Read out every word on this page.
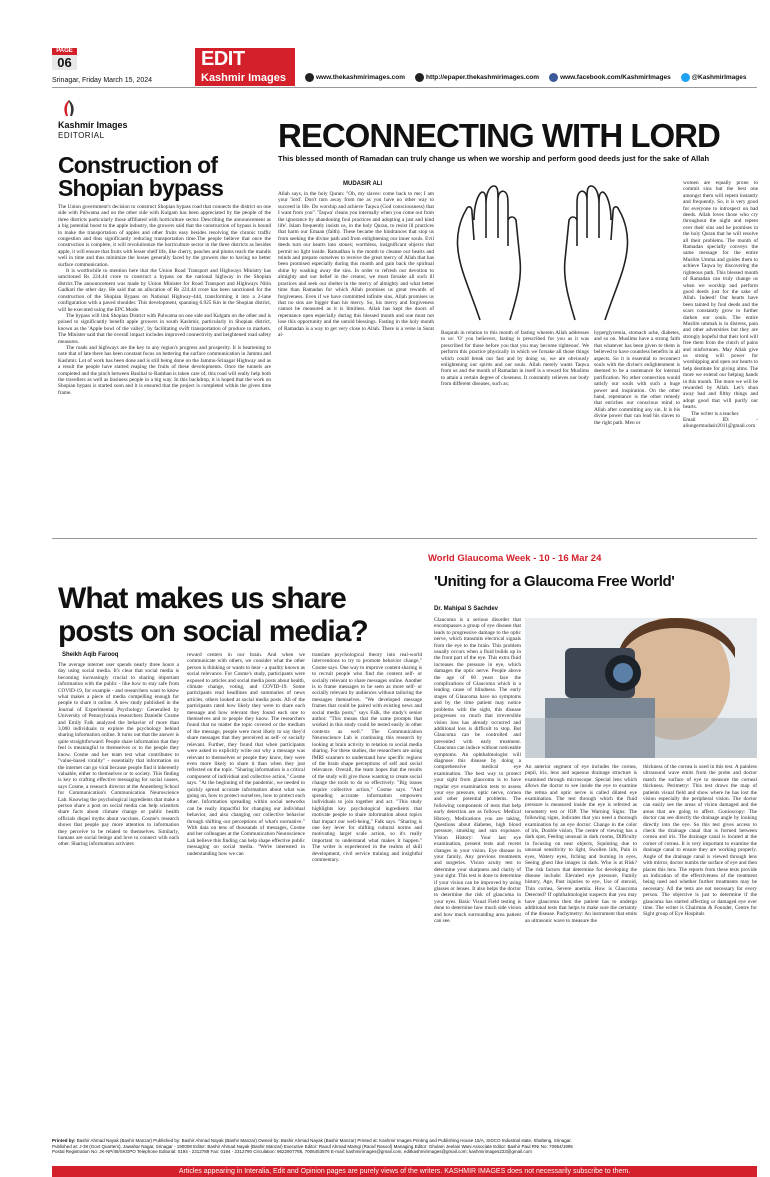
PAGE
06	EDIT
Kashmir Images
Srinagar, Friday March 15, 2024	www.thekashmirimages.com	http://epaper.thekashmirimages.com	www.facebook.com/KashmirImages	@KashmirImages
Kashmir Images
EDITORIAL
Construction of Shopian bypass

The Union government's decision to construct Shopian bypass road that connects the district on one side with Pulwama and on the other side with Kulgam has been appreciated by the people of the three districts particularly those affiliated with horticulture sector. Describing the announcement as a big potential boost to the apple industry, the growers said that the construction of bypass is bound to make the transportation of apples and other fruits easy besides resolving the chronic traffic congestion and thus significantly reducing transportation time.The people believe that once the construction is complete, it will revolutionize the horticulture sector in the three districts as besides apple, it will ensure that fruits with lesser shelf life, like cherry, peaches and plums reach the mandis well in time and thus minimize the losses generally faced by the growers due to having no better surface communication.

It is worthwhile to mention here that the Union Road Transport and Highways Ministry has sanctioned Rs 224.44 crore to construct a bypass on the national highway in the Shopian district.The announcement was made by Union Minister for Road Transport and Highways Nitin Gadkari the other day. He said that an allocation of Rs 224.44 crore has been sanctioned for the construction of the Shopian Bypass on National Highway-444, transforming it into a 2-lane configuration with a paved shoulder. This development, spanning 6.925 Km in the Shopian district, will be executed using the EPC Mode.

The bypass will link Shopian District with Pulwama on one side and Kulgam on the other and is poised to significantly benefit apple growers in south Kashmir, particularly in Shopian district, known as the 'Apple bowl of the valley', by facilitating swift transportation of produce to markets. The Minister said that the overall impact includes improved connectivity and heightened road safety measures.

The roads and highways are the key to any region's progress and prosperity. It is heartening to note that of late there has been constant focus on bettering the surface communication in Jammu and Kashmir. Lot of work has been done and is still being done on the Jammu-Srinagar Highway and as a result the people have started reaping the fruits of these developments. Once the tunnels are completed and the pinch between Banihal to Ramban is taken care of, this road will really help both the travellers as well as business people in a big way. In this backdrop, it is hoped that the work on Shopian bypass is started soon and it is ensured that the project is completed within the given time frame.

RECONNECTING WITH LORD
This blessed month of Ramadan can truly change us when we worship and perform good deeds just for the sake of Allah
MUDASIR ALI
Allah says, in the holy Quran: "Oh, my slaves: come back to me; I am your 'lord'. Don't turn away from me as you have no other way to succeed in life. Do worship and achieve Taqwa (God consciousness) that I want from you". 'Taqwa' cleans you internally when you come out from the ignorance by abandoning foul practices and adopting a just and kind life'. Islam frequently insists us, in the holy Quran, to resist ill practices that harm our Emaan (faith). These became the hindrances that stop us from seeking the divine path and from enlightening our inner souls. Evil deeds turn our hearts into stones; worthless, insignificant objects that permit no light inside. Ramadhan is the month to cleanse our hearts and minds and prepare ourselves to receive the great mercy of Allah that has been promised especially during this month and gain back the spiritual shine by washing away the sins. In order to refresh our devotion to almighty and our belief in the creator, we must forsake all such ill practices and seek our shelter in the mercy of almighty and what better time than Ramadan for which Allah promises us great rewards of forgiveness. Even if we have committed infinite sins, Allah promises us that no sins are bigger than his mercy. So, his mercy and forgiveness cannot be measured as it is limitless. Allah has kept the doors of repentance open especially during this blessed month and one must not lose this opportunity and the untold blessings. Fasting in the holy month of Ramadan is a way to get very close to Allah. There is a verse in Surat al-	Baqarah in relation to this month of fasting wherein Allah addresses to us: 'O' you believers, fasting is prescribed for you as it was prescribed for those before you that you may become righteous'. We perform this practice physically in which we forsake all those things which could break our fast and by doing so, we are obviously enlightening our spirits and our souls. Allah merely wants Taqwa from us and the month of Ramadan in itself is a reward for Muslims to attain a certain degree of closeness. It constantly relieves our body from different diseases, such as;
hyperglycemia, stomach ache, diabetes, and so on. Muslims have a strong faith that whatever has been given to them is believed to have countless benefits in all aspects. So it is essential to reconnect souls with the divine's enlightenment is deemed to be a sustenance for internal purification. No other connection would satisfy our souls with such a huge power and inspiration. On the other hand, repentance is the other remedy that enriches our conscious mind to Allah after committing any sin. It is his divine power that can lead his slaves to the right path. Men or
women are equally prone to commit sins but the best one amongst them will repent instantly and frequently. So, it is very good for everyone to introspect on bad deeds. Allah loves those who cry throughout the night and repent over their sins and he promises in the holy Quran that he will resolve all their problems. The month of Ramadan specially conveys the same message for the entire Muslim Umma and guides them to achieve Taqwa by discovering the righteous path. This blessed month of Ramadan can truly change us when we worship and perform good deeds just for the sake of Allah. Indeed! Our hearts have been tainted by foul deeds and the scars constantly grow to further darken our souls. The entire Muslim ummah is in distress, pain and other adversities but they are strongly hopeful that their lord will free them from the clutch of pains and misfortunes. May Allah give us strong will power for worshipping and open our hearts to help destitute for giving alms. The more we extend our helping hands in this month. The more we will be rewarded by Allah. Let's shun away bad and filthy things and adopt good that will purify our hearts.
The writer is a teacher.
Email ID: - aliungermudasir2011@gmail.com
What makes us share posts on social media?
Sheikh Aqib Farooq
The average internet user spends nearly three hours a day using social media. It's clear that social media is becoming increasingly crucial to sharing important information with the public - like how to stay safe from COVID-19, for example - and researchers want to know what makes a piece of media compelling enough for people to share it online. A new study published in the Journal of Experimental Psychology: Generalled by University of Pennsylvania researchers Danielle Cosme and Emily Falk analyzed the behavior of more than 3,000 individuals to explore the psychology behind sharing information online. It turns out that the answer is quite straightforward: People share information that they feel is meaningful to themselves or to the people they know. Cosme and her team test what contributes to "value-based virality" - essentially that information on the internet can go viral because people find it inherently valuable, either to themselves or to society. This finding is key to crafting effective messaging for social causes, says Cosme, a research director at the Annenberg School for Communication's Communication Neuroscience Lab. Knowing the psychological ingredients that make a person share a post on social media can help scientists share facts about climate change or public health officials dispel myths about vaccines. Cosme's research shows that people pay more attention to information they perceive to be related to themselves. Similarly, humans are social beings and love to connect with each other. Sharing information activates
reward centers in our brain. And when we communicate with others, we consider what the other person is thinking or wants to hear - a quality known as social relevance. For Cosme's study, participants were exposed to articles and social media posts about health, climate change, voting, and COVID-19. Some participants read headlines and summaries of news articles, others looked at social media posts. All of the participants rated how likely they were to share each message and how relevant they found each one to themselves and to people they know. The researchers found that no matter the topic covered or the medium of the message, people were most likely to say they'd share messages that they perceived as self- or socially relevant. Further, they found that when participants were asked to explicitly write out why a message was relevant to themselves or people they know, they were even more likely to share it than when they just reflected on the topic. "Sharing information is a critical component of individual and collective action," Cosme says. "At the beginning of the pandemic, we needed to quickly spread accurate information about what was going on, how to protect ourselves, how to protect each other. Information spreading within social networks can be really impactful for changing our individual behavior, and also changing our collective behavior through shifting our perceptions of what's normative." With data on tens of thousands of messages, Cosme and her colleagues at the Communication Neuroscience Lab believe this finding can help shape effective public messaging on social media. "We're interested in understanding how we can
translate psychological theory into real-world interventions to try to promote behavior change," Cosme says. One way to improve content sharing is to recruit people who find the content self- or socially relevant to share messages online. Another is to frame messages to be seen as more self- or socially relevant by audiences without tailoring the messages themselves. "We developed message frames that could be paired with existing news and social media posts," says Falk, the study's senior author. "This means that the same prompts that worked in this study could be tested easily in other contexts as well." The Communication Neuroscience Lab is continuing this research by looking at brain activity in relation to social media sharing. For these studies, the researchers are using fMRI scanners to understand how specific regions of the brain shape perceptions of self and social relevance. Overall, the team hopes that the results of the study will give those wanting to create social change the tools to do so effectively. "Big issues require collective action," Cosme says. "And spreading accurate information empowers individuals to join together and act. "This study highlights key psychological ingredients that motivate people to share information about topics that impact our well-being," Falk says. "Sharing is one key lever for shifting cultural norms and motivating larger scale action, so it's really important to understand what makes it happen." The writer is experienced in the realms of skill development, civil service training and insightful commentary.
World Glaucoma Week - 10 - 16 Mar 24
'Uniting for a Glaucoma Free World'
Dr. Mahipal S Sachdev
Glaucoma is a serious disorder that encompasses a group of eye disease that leads to progressive damage to the optic nerve, which transmits electrical signals from the eye to the brain. This problem usually occurs when a fluid builds up in the front part of the eye. This extra fluid increases the pressure in eye, which damages the optic nerve. People above the age of 60 years face the complications of Glaucoma which is a leading cause of blindness. The early stages of Glaucoma have no symptoms and by the time patient may notice problems with the sight, this disease progresses so much that irreversible vision loss has already occurred and additional loss is difficult to stop. But Glaucoma can be controlled and prevented with early treatment. Glaucoma can induce without noticeable symptoms. An ophthalmologist will diagnose this disease by doing a comprehensive medical eye examination. The best way to protect your sight from glaucoma is to have regular eye examination tests to assess your eye pressure, optic nerve, cornea and other potential problems. The following components of tests that help early detection are as follows: Medical History, Medications you are taking, Questions about diabetes, high blood pressure, smoking and sun exposure. Vision History: Your last eye examination, present tests and recent changes in your vision. Eye disease in your family, Any previous treatments and surgeries. Vision acuity test to determine your sharpness and clarity of your sight. This test is done to determine if your vision can be improved by using glasses or lenses. It also helps the doctor to determine the risk of glaucoma in your eyes. Basic Visual Field testing is done to determine how much side vision and how much surrounding area patient can see.
An anterior segment of eye includes the cornea, pupil, iris, lens and aqueous drainage structure is examined through microscope. Special lens which allows the doctor to see inside the eye to examine the retina and optic nerve is called dilated eye examination. The test through which the fluid pressure is measured inside the eye is referred as tonometry test or IOP. The Warning Signs: The following signs, indicates that you need a thorough examination by an eye doctor: Change in the color of iris, Double vision, The centre of viewing has a dark spot, Feeling unusual in dark rooms, Difficulty in focusing on near objects, Squinting due to unusual sensitivity to light, Swollen lids, Pain in eyes, Watery eyes, Itching and burning in eyes, Seeing ghost like images in dark. Who is at Risk? The risk factors that determine for developing the disease include: Elevated eye pressure, Family history, Age, Past injuries to eye, Use of steroid, Thin cornea, Severe anemia. How is Glaucoma Detected? If ophthalmologist suspects that you may have glaucoma then the patient has to undergo additional tests that helps to make sure the certainty of the disease. Pachymetry: An instrument that emits an ultrasonic wave to measure the
thickness of the cornea is used in this test. A painless ultrasound wave emits from the probe and doctor match the surface of eye to measure the corneal thickness. Perimetry: This test draws the map of patients visual field and show where he has lost the vision especially the peripheral vision. The doctor can easily see the areas of vision damaged and the areas that are going to affect. Gonioscopy: The doctor can see directly the drainage angle by looking directly into the eye. So this test gives access to check the drainage canal that is formed between cornea and iris. The drainage canal is located at the corner of cornea. It is very important to examine the drainage canal to ensure they are working properly. Angle of the drainage canal is viewed through lens with mirror, doctor numbs the surface of eye and then places this lens. The reports from these tests provide an indication of the effectiveness of the treatment being used and whether further treatments may be necessary. All the tests are not necessary for every person. The objective is just to determine if the glaucoma has started affecting or damaged eye over time. The writer is Chairman & Founder, Centre for Sight group of Eye Hospitals
Printed by: Bashir Ahmad Nayak (Bashir Manzar) Published by: Bashir Ahmad Nayak (Bashir Manzar) Owned by: Bashir Ahmad Nayak (Bashir Manzar) Printed at: Kashmir Images Printing and Publishing House 15/A, SIDCO Industrial state, Shalteng, Srinagar.
Published at: J-38 (Govt Quarters), Jawahar Nagar, Srinagar - 190008 Editor: Bashir Ahmad Nayak (Bashir Manzar) Executive Editor: Raouf Ahmad Mamgi (Raouf Rasool) Managing Editor: Ghulam Jeelani Wani Associate Editor: Bashir Paul RNI No: 70954/1996
Postal Registration No: JK-NP/48/SKGPO Telephone Editorial: 0194 - 2312789 Fax: 0194 - 2312790 Circulation: 9622907788, 7006453876 E-mail: kashmirimages@gmail.com, editkashmirimages@gmail.com; kashmirimages223@gmail.com
Articles appearing in Interalia, Edit and Opinion pages are purely views of the writers. KASHMIR IMAGES does not necessarily subscribe to them.
